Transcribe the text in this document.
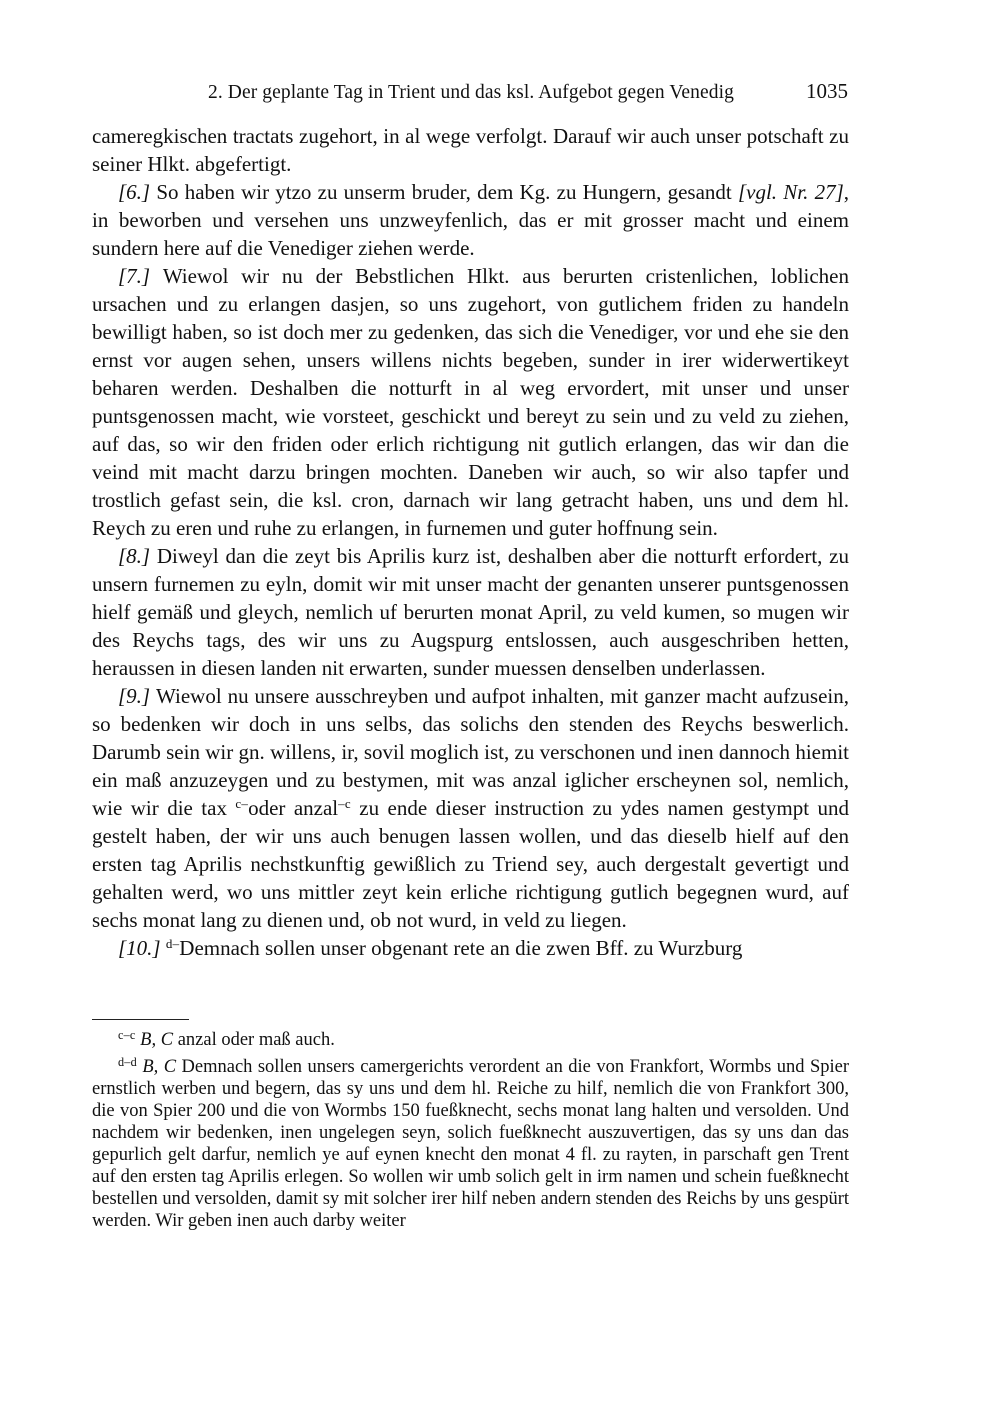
2. Der geplante Tag in Trient und das ksl. Aufgebot gegen Venedig	1035

cameregkischen tractats zugehort, in al wege verfolgt. Darauf wir auch unser potschaft zu seiner Hlkt. abgefertigt.

[6.] So haben wir ytzo zu unserm bruder, dem Kg. zu Hungern, gesandt [vgl. Nr. 27], in beworben und versehen uns unzweyfenlich, das er mit grosser macht und einem sundern here auf die Venediger ziehen werde.

[7.] Wiewol wir nu der Bebstlichen Hlkt. aus berurten cristenlichen, loblichen ursachen und zu erlangen dasjen, so uns zugehort, von gutlichem friden zu handeln bewilligt haben, so ist doch mer zu gedenken, das sich die Venediger, vor und ehe sie den ernst vor augen sehen, unsers willens nichts begeben, sunder in irer widerwertikeyt beharen werden. Deshalben die notturft in al weg ervordert, mit unser und unser puntsgenossen macht, wie vorsteet, geschickt und bereyt zu sein und zu veld zu ziehen, auf das, so wir den friden oder erlich richtigung nit gutlich erlangen, das wir dan die veind mit macht darzu bringen mochten. Daneben wir auch, so wir also tapfer und trostlich gefast sein, die ksl. cron, darnach wir lang getracht haben, uns und dem hl. Reych zu eren und ruhe zu erlangen, in furnemen und guter hoffnung sein.

[8.] Diweyl dan die zeyt bis Aprilis kurz ist, deshalben aber die notturft erfordert, zu unsern furnemen zu eyln, domit wir mit unser macht der genanten unserer puntsgenossen hielf gemäß und gleych, nemlich uf berurten monat April, zu veld kumen, so mugen wir des Reychs tags, des wir uns zu Augspurg entslossen, auch ausgeschriben hetten, heraussen in diesen landen nit erwarten, sunder muessen denselben underlassen.

[9.] Wiewol nu unsere ausschreyben und aufpot inhalten, mit ganzer macht aufzusein, so bedenken wir doch in uns selbs, das solichs den stenden des Reychs beswerlich. Darumb sein wir gn. willens, ir, sovil moglich ist, zu verschonen und inen dannoch hiemit ein maß anzuzeygen und zu bestymen, mit was anzal iglicher erscheynen sol, nemlich, wie wir die tax $^{c-}$oder anzal$^{-c}$ zu ende dieser instruction zu ydes namen gestympt und gestelt haben, der wir uns auch benugen lassen wollen, und das dieselb hielf auf den ersten tag Aprilis nechstkunftig gewißlich zu Triend sey, auch dergestalt gevertigt und gehalten werd, wo uns mittler zeyt kein erliche richtigung gutlich begegnen wurd, auf sechs monat lang zu dienen und, ob not wurd, in veld zu liegen.

[10.] $^{d-}$Demnach sollen unser obgenant rete an die zwen Bff. zu Wurzburg

$^{c-c}$ B, C anzal oder maß auch.

$^{d-d}$ B, C Demnach sollen unsers camergerichts verordent an die von Frankfort, Wormbs und Spier ernstlich werben und begern, das sy uns und dem hl. Reiche zu hilf, nemlich die von Frankfort 300, die von Spier 200 und die von Wormbs 150 fueßknecht, sechs monat lang halten und versolden. Und nachdem wir bedenken, inen ungelegen seyn, solich fueßknecht auszuvertigen, das sy uns dan das gepurlich gelt darfur, nemlich ye auf eynen knecht den monat 4 fl. zu rayten, in parschaft gen Trent auf den ersten tag Aprilis erlegen. So wollen wir umb solich gelt in irm namen und schein fueßknecht bestellen und versolden, damit sy mit solcher irer hilf neben andern stenden des Reichs by uns gespürt werden. Wir geben inen auch darby weiter
